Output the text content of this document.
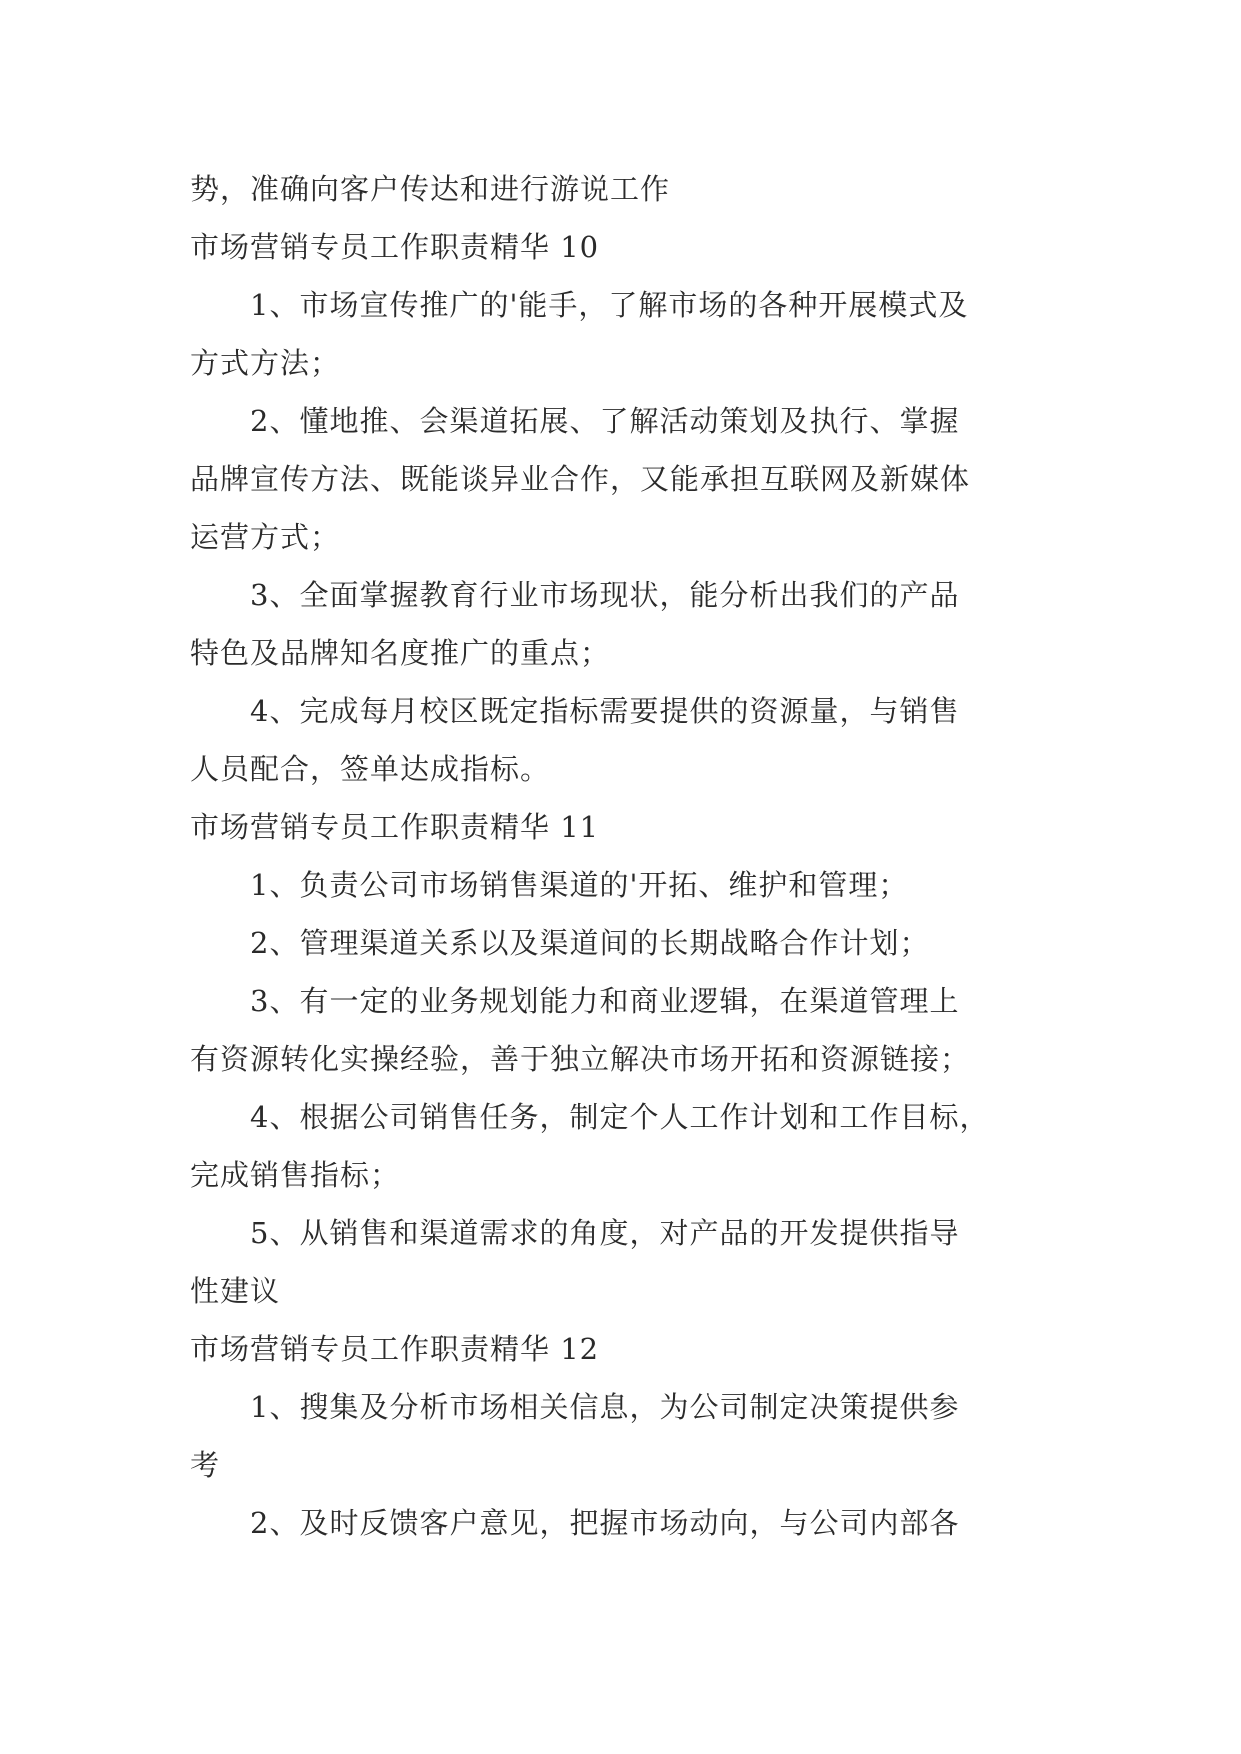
势，准确向客户传达和进行游说工作
市场营销专员工作职责精华 10
1、市场宣传推广的'能手，了解市场的各种开展模式及
方式方法；
2、懂地推、会渠道拓展、了解活动策划及执行、掌握
品牌宣传方法、既能谈异业合作，又能承担互联网及新媒体
运营方式；
3、全面掌握教育行业市场现状，能分析出我们的产品
特色及品牌知名度推广的重点；
4、完成每月校区既定指标需要提供的资源量，与销售
人员配合，签单达成指标。
市场营销专员工作职责精华 11
1、负责公司市场销售渠道的'开拓、维护和管理；
2、管理渠道关系以及渠道间的长期战略合作计划；
3、有一定的业务规划能力和商业逻辑，在渠道管理上
有资源转化实操经验，善于独立解决市场开拓和资源链接；
4、根据公司销售任务，制定个人工作计划和工作目标，
完成销售指标；
5、从销售和渠道需求的角度，对产品的开发提供指导
性建议
市场营销专员工作职责精华 12
1、搜集及分析市场相关信息，为公司制定决策提供参
考
2、及时反馈客户意见，把握市场动向，与公司内部各
